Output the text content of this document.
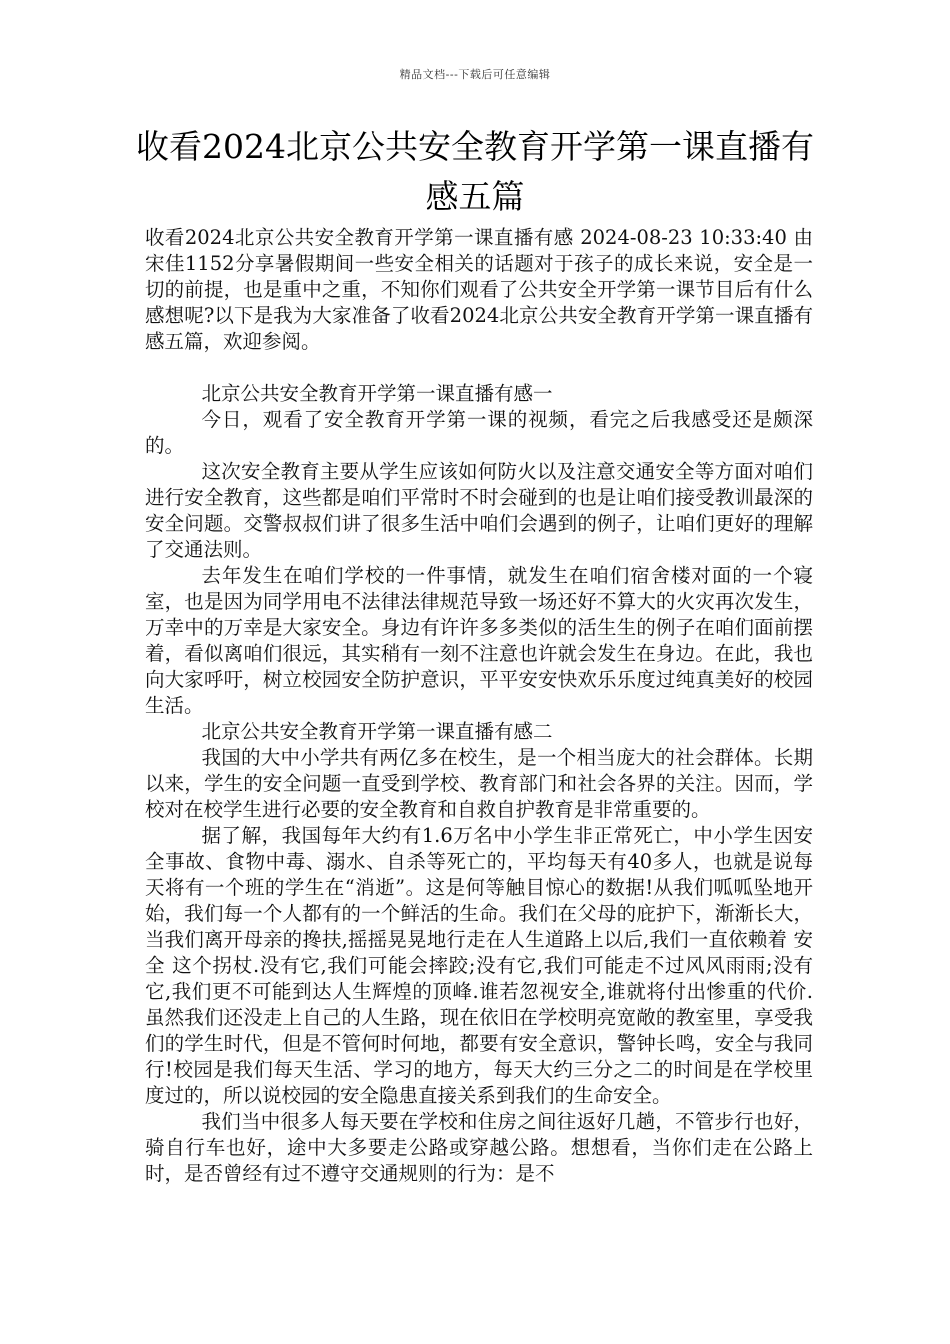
精品文档---下载后可任意编辑
收看2024北京公共安全教育开学第一课直播有感五篇

收看2024北京公共安全教育开学第一课直播有感 2024-08-23 10:33:40 由 宋佳1152分享暑假期间一些安全相关的话题对于孩子的成长来说，安全是一切的前提，也是重中之重，不知你们观看了公共安全开学第一课节目后有什么感想呢?以下是我为大家准备了收看2024北京公共安全教育开学第一课直播有感五篇，欢迎参阅。

北京公共安全教育开学第一课直播有感一

今日，观看了安全教育开学第一课的视频，看完之后我感受还是颇深的。

这次安全教育主要从学生应该如何防火以及注意交通安全等方面对咱们进行安全教育，这些都是咱们平常时不时会碰到的也是让咱们接受教训最深的安全问题。交警叔叔们讲了很多生活中咱们会遇到的例子，让咱们更好的理解了交通法则。

去年发生在咱们学校的一件事情，就发生在咱们宿舍楼对面的一个寝室，也是因为同学用电不法律法律规范导致一场还好不算大的火灾再次发生，万幸中的万幸是大家安全。身边有许许多多类似的活生生的例子在咱们面前摆着，看似离咱们很远，其实稍有一刻不注意也许就会发生在身边。在此，我也向大家呼吁，树立校园安全防护意识，平平安安快欢乐乐度过纯真美好的校园生活。

北京公共安全教育开学第一课直播有感二

我国的大中小学共有两亿多在校生，是一个相当庞大的社会群体。长期以来，学生的安全问题一直受到学校、教育部门和社会各界的关注。因而，学校对在校学生进行必要的安全教育和自救自护教育是非常重要的。

据了解，我国每年大约有1.6万名中小学生非正常死亡，中小学生因安全事故、食物中毒、溺水、自杀等死亡的，平均每天有40多人，也就是说每天将有一个班的学生在“消逝”。这是何等触目惊心的数据!从我们呱呱坠地开始，我们每一个人都有的一个鲜活的生命。我们在父母的庇护下，渐渐长大，当我们离开母亲的搀扶,摇摇晃晃地行走在人生道路上以后,我们一直依赖着 安全 这个拐杖.没有它,我们可能会摔跤;没有它,我们可能走不过风风雨雨;没有它,我们更不可能到达人生辉煌的顶峰.谁若忽视安全,谁就将付出惨重的代价.虽然我们还没走上自己的人生路，现在依旧在学校明亮宽敞的教室里，享受我们的学生时代，但是不管何时何地，都要有安全意识，警钟长鸣，安全与我同行!校园是我们每天生活、学习的地方，每天大约三分之二的时间是在学校里度过的，所以说校园的安全隐患直接关系到我们的生命安全。

我们当中很多人每天要在学校和住房之间往返好几趟，不管步行也好，骑自行车也好，途中大多要走公路或穿越公路。想想看，当你们走在公路上时，是否曾经有过不遵守交通规则的行为：是不
